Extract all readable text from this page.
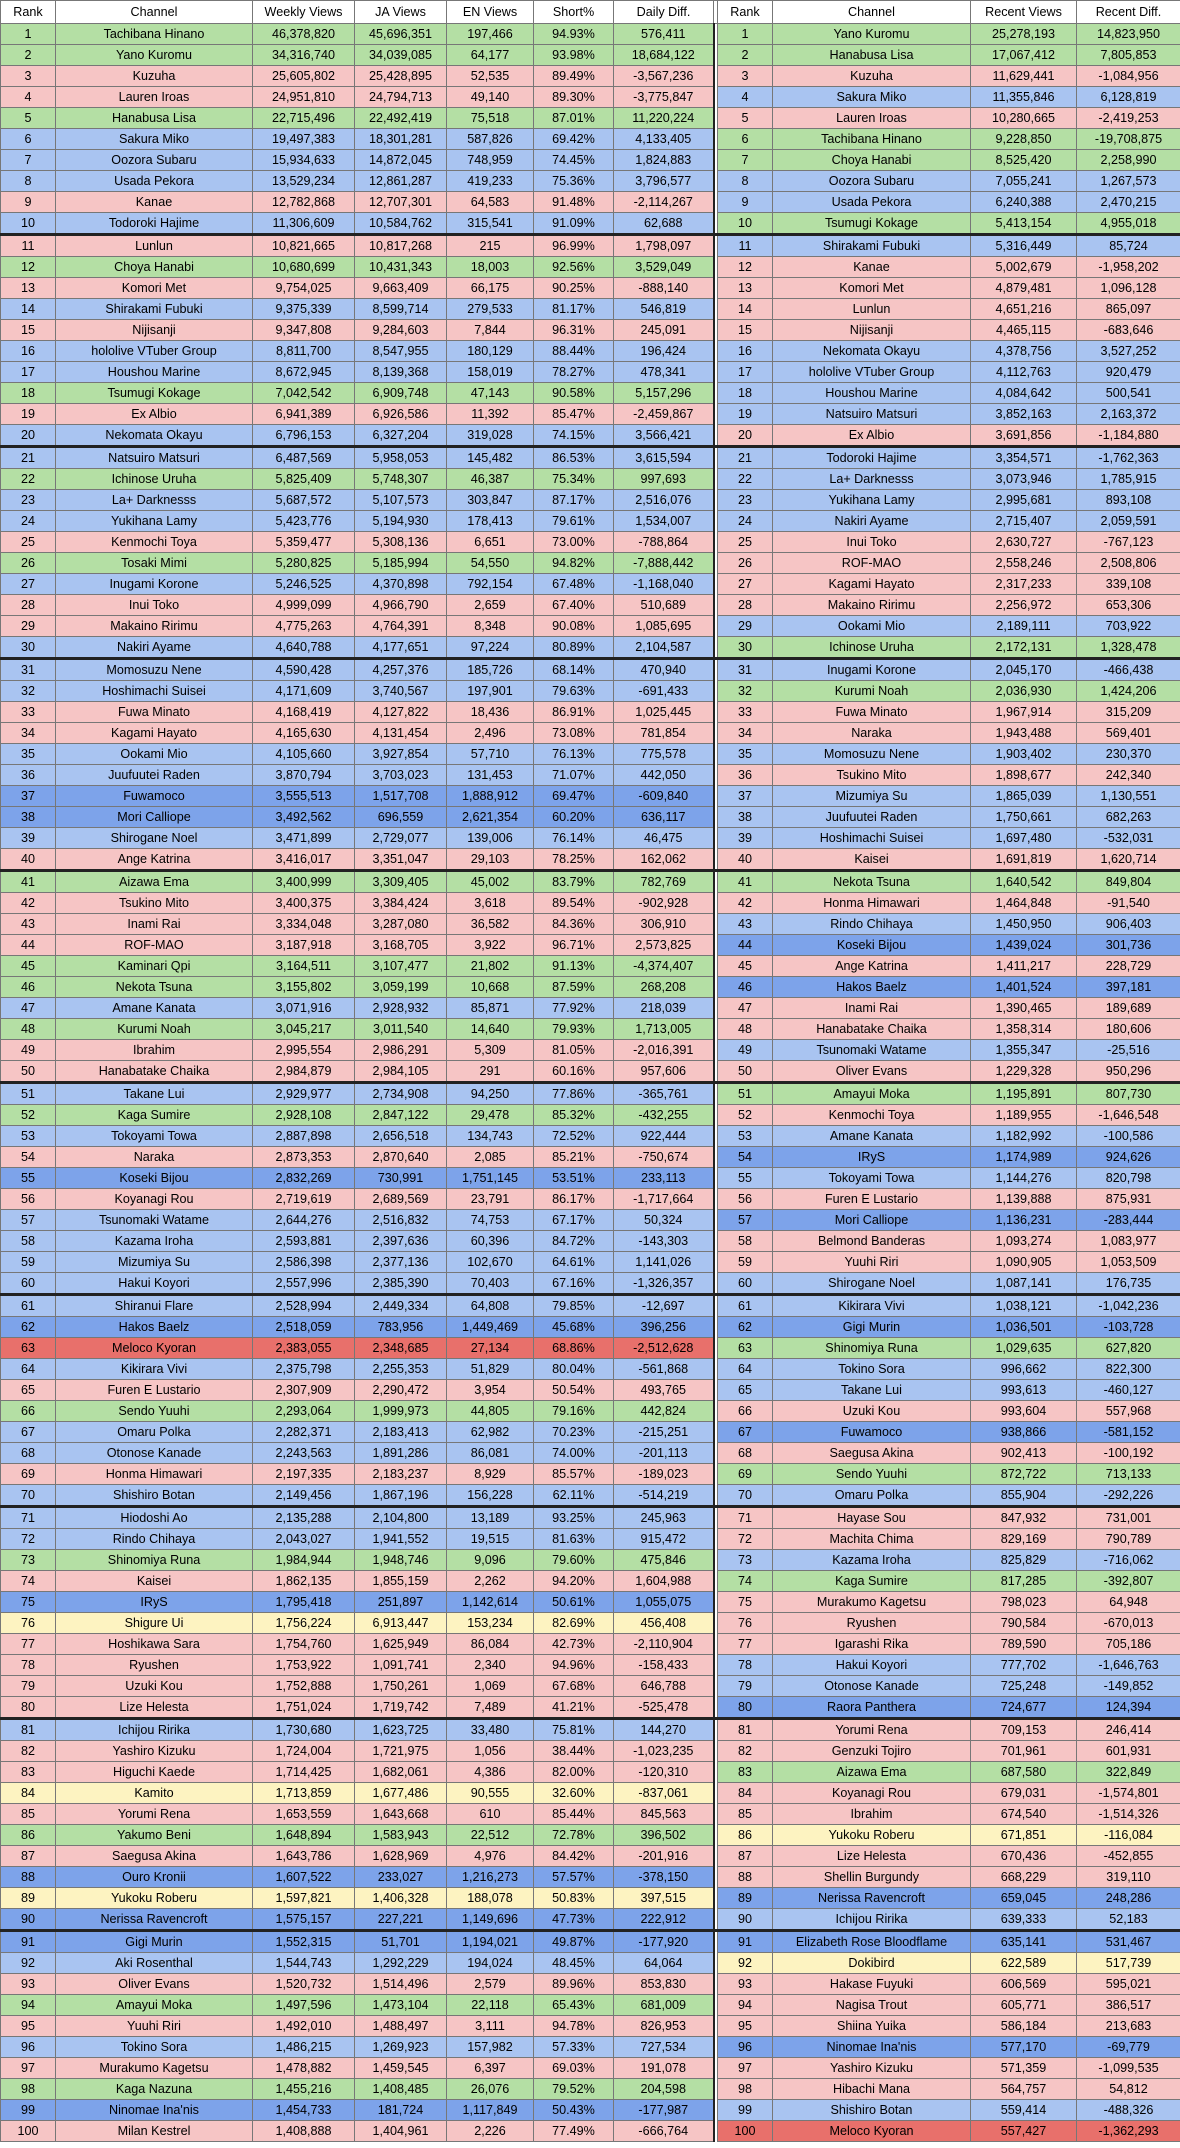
Rank	Channel	Weekly Views	JA Views	EN Views	Short%	Daily Diff.	
1	Tachibana Hinano	46,378,820	45,696,351	197,466	94.93%	576,411	
2	Yano Kuromu	34,316,740	34,039,085	64,177	93.98%	18,684,122	
3	Kuzuha	25,605,802	25,428,895	52,535	89.49%	-3,567,236	
4	Lauren Iroas	24,951,810	24,794,713	49,140	89.30%	-3,775,847	
5	Hanabusa Lisa	22,715,496	22,492,419	75,518	87.01%	11,220,224	
6	Sakura Miko	19,497,383	18,301,281	587,826	69.42%	4,133,405	
7	Oozora Subaru	15,934,633	14,872,045	748,959	74.45%	1,824,883	
8	Usada Pekora	13,529,234	12,861,287	419,233	75.36%	3,796,577	
9	Kanae	12,782,868	12,707,301	64,583	91.48%	-2,114,267	
10	Todoroki Hajime	11,306,609	10,584,762	315,541	91.09%	62,688	
11	Lunlun	10,821,665	10,817,268	215	96.99%	1,798,097	
12	Choya Hanabi	10,680,699	10,431,343	18,003	92.56%	3,529,049	
13	Komori Met	9,754,025	9,663,409	66,175	90.25%	-888,140	
14	Shirakami Fubuki	9,375,339	8,599,714	279,533	81.17%	546,819	
15	Nijisanji	9,347,808	9,284,603	7,844	96.31%	245,091	
16	hololive VTuber Group	8,811,700	8,547,955	180,129	88.44%	196,424	
17	Houshou Marine	8,672,945	8,139,368	158,019	78.27%	478,341	
18	Tsumugi Kokage	7,042,542	6,909,748	47,143	90.58%	5,157,296	
19	Ex Albio	6,941,389	6,926,586	11,392	85.47%	-2,459,867	
20	Nekomata Okayu	6,796,153	6,327,204	319,028	74.15%	3,566,421	
21	Natsuiro Matsuri	6,487,569	5,958,053	145,482	86.53%	3,615,594	
22	Ichinose Uruha	5,825,409	5,748,307	46,387	75.34%	997,693	
23	La+ Darknesss	5,687,572	5,107,573	303,847	87.17%	2,516,076	
24	Yukihana Lamy	5,423,776	5,194,930	178,413	79.61%	1,534,007	
25	Kenmochi Toya	5,359,477	5,308,136	6,651	73.00%	-788,864	
26	Tosaki Mimi	5,280,825	5,185,994	54,550	94.82%	-7,888,442	
27	Inugami Korone	5,246,525	4,370,898	792,154	67.48%	-1,168,040	
28	Inui Toko	4,999,099	4,966,790	2,659	67.40%	510,689	
29	Makaino Ririmu	4,775,263	4,764,391	8,348	90.08%	1,085,695	
30	Nakiri Ayame	4,640,788	4,177,651	97,224	80.89%	2,104,587	
31	Momosuzu Nene	4,590,428	4,257,376	185,726	68.14%	470,940	
32	Hoshimachi Suisei	4,171,609	3,740,567	197,901	79.63%	-691,433	
33	Fuwa Minato	4,168,419	4,127,822	18,436	86.91%	1,025,445	
34	Kagami Hayato	4,165,630	4,131,454	2,496	73.08%	781,854	
35	Ookami Mio	4,105,660	3,927,854	57,710	76.13%	775,578	
36	Juufuutei Raden	3,870,794	3,703,023	131,453	71.07%	442,050	
37	Fuwamoco	3,555,513	1,517,708	1,888,912	69.47%	-609,840	
38	Mori Calliope	3,492,562	696,559	2,621,354	60.20%	636,117	
39	Shirogane Noel	3,471,899	2,729,077	139,006	76.14%	46,475	
40	Ange Katrina	3,416,017	3,351,047	29,103	78.25%	162,062	
41	Aizawa Ema	3,400,999	3,309,405	45,002	83.79%	782,769	
42	Tsukino Mito	3,400,375	3,384,424	3,618	89.54%	-902,928	
43	Inami Rai	3,334,048	3,287,080	36,582	84.36%	306,910	
44	ROF-MAO	3,187,918	3,168,705	3,922	96.71%	2,573,825	
45	Kaminari Qpi	3,164,511	3,107,477	21,802	91.13%	-4,374,407	
46	Nekota Tsuna	3,155,802	3,059,199	10,668	87.59%	268,208	
47	Amane Kanata	3,071,916	2,928,932	85,871	77.92%	218,039	
48	Kurumi Noah	3,045,217	3,011,540	14,640	79.93%	1,713,005	
49	Ibrahim	2,995,554	2,986,291	5,309	81.05%	-2,016,391	
50	Hanabatake Chaika	2,984,879	2,984,105	291	60.16%	957,606	
51	Takane Lui	2,929,977	2,734,908	94,250	77.86%	-365,761	
52	Kaga Sumire	2,928,108	2,847,122	29,478	85.32%	-432,255	
53	Tokoyami Towa	2,887,898	2,656,518	134,743	72.52%	922,444	
54	Naraka	2,873,353	2,870,640	2,085	85.21%	-750,674	
55	Koseki Bijou	2,832,269	730,991	1,751,145	53.51%	233,113	
56	Koyanagi Rou	2,719,619	2,689,569	23,791	86.17%	-1,717,664	
57	Tsunomaki Watame	2,644,276	2,516,832	74,753	67.17%	50,324	
58	Kazama Iroha	2,593,881	2,397,636	60,396	84.72%	-143,303	
59	Mizumiya Su	2,586,398	2,377,136	102,670	64.61%	1,141,026	
60	Hakui Koyori	2,557,996	2,385,390	70,403	67.16%	-1,326,357	
61	Shiranui Flare	2,528,994	2,449,334	64,808	79.85%	-12,697	
62	Hakos Baelz	2,518,059	783,956	1,449,469	45.68%	396,256	
63	Meloco Kyoran	2,383,055	2,348,685	27,134	68.86%	-2,512,628	
64	Kikirara Vivi	2,375,798	2,255,353	51,829	80.04%	-561,868	
65	Furen E Lustario	2,307,909	2,290,472	3,954	50.54%	493,765	
66	Sendo Yuuhi	2,293,064	1,999,973	44,805	79.16%	442,824	
67	Omaru Polka	2,282,371	2,183,413	62,982	70.23%	-215,251	
68	Otonose Kanade	2,243,563	1,891,286	86,081	74.00%	-201,113	
69	Honma Himawari	2,197,335	2,183,237	8,929	85.57%	-189,023	
70	Shishiro Botan	2,149,456	1,867,196	156,228	62.11%	-514,219	
71	Hiodoshi Ao	2,135,288	2,104,800	13,189	93.25%	245,963	
72	Rindo Chihaya	2,043,027	1,941,552	19,515	81.63%	915,472	
73	Shinomiya Runa	1,984,944	1,948,746	9,096	79.60%	475,846	
74	Kaisei	1,862,135	1,855,159	2,262	94.20%	1,604,988	
75	IRyS	1,795,418	251,897	1,142,614	50.61%	1,055,075	
76	Shigure Ui	1,756,224	6,913,447	153,234	82.69%	456,408	
77	Hoshikawa Sara	1,754,760	1,625,949	86,084	42.73%	-2,110,904	
78	Ryushen	1,753,922	1,091,741	2,340	94.96%	-158,433	
79	Uzuki Kou	1,752,888	1,750,261	1,069	67.68%	646,788	
80	Lize Helesta	1,751,024	1,719,742	7,489	41.21%	-525,478	
81	Ichijou Ririka	1,730,680	1,623,725	33,480	75.81%	144,270	
82	Yashiro Kizuku	1,724,004	1,721,975	1,056	38.44%	-1,023,235	
83	Higuchi Kaede	1,714,425	1,682,061	4,386	82.00%	-120,310	
84	Kamito	1,713,859	1,677,486	90,555	32.60%	-837,061	
85	Yorumi Rena	1,653,559	1,643,668	610	85.44%	845,563	
86	Yakumo Beni	1,648,894	1,583,943	22,512	72.78%	396,502	
87	Saegusa Akina	1,643,786	1,628,969	4,976	84.42%	-201,916	
88	Ouro Kronii	1,607,522	233,027	1,216,273	57.57%	-378,150	
89	Yukoku Roberu	1,597,821	1,406,328	188,078	50.83%	397,515	
90	Nerissa Ravencroft	1,575,157	227,221	1,149,696	47.73%	222,912	
91	Gigi Murin	1,552,315	51,701	1,194,021	49.87%	-177,920	
92	Aki Rosenthal	1,544,743	1,292,229	194,024	48.45%	64,064	
93	Oliver Evans	1,520,732	1,514,496	2,579	89.96%	853,830	
94	Amayui Moka	1,497,596	1,473,104	22,118	65.43%	681,009	
95	Yuuhi Riri	1,492,010	1,488,497	3,111	94.78%	826,953	
96	Tokino Sora	1,486,215	1,269,923	157,982	57.33%	727,534	
97	Murakumo Kagetsu	1,478,882	1,459,545	6,397	69.03%	191,078	
98	Kaga Nazuna	1,455,216	1,408,485	26,076	79.52%	204,598	
99	Ninomae Ina'nis	1,454,733	181,724	1,117,849	50.43%	-177,987	
100	Milan Kestrel	1,408,888	1,404,961	2,226	77.49%	-666,764	
Rank	Channel	Recent Views	Recent Diff.
1	Yano Kuromu	25,278,193	14,823,950
2	Hanabusa Lisa	17,067,412	7,805,853
3	Kuzuha	11,629,441	-1,084,956
4	Sakura Miko	11,355,846	6,128,819
5	Lauren Iroas	10,280,665	-2,419,253
6	Tachibana Hinano	9,228,850	-19,708,875
7	Choya Hanabi	8,525,420	2,258,990
8	Oozora Subaru	7,055,241	1,267,573
9	Usada Pekora	6,240,388	2,470,215
10	Tsumugi Kokage	5,413,154	4,955,018
11	Shirakami Fubuki	5,316,449	85,724
12	Kanae	5,002,679	-1,958,202
13	Komori Met	4,879,481	1,096,128
14	Lunlun	4,651,216	865,097
15	Nijisanji	4,465,115	-683,646
16	Nekomata Okayu	4,378,756	3,527,252
17	hololive VTuber Group	4,112,763	920,479
18	Houshou Marine	4,084,642	500,541
19	Natsuiro Matsuri	3,852,163	2,163,372
20	Ex Albio	3,691,856	-1,184,880
21	Todoroki Hajime	3,354,571	-1,762,363
22	La+ Darknesss	3,073,946	1,785,915
23	Yukihana Lamy	2,995,681	893,108
24	Nakiri Ayame	2,715,407	2,059,591
25	Inui Toko	2,630,727	-767,123
26	ROF-MAO	2,558,246	2,508,806
27	Kagami Hayato	2,317,233	339,108
28	Makaino Ririmu	2,256,972	653,306
29	Ookami Mio	2,189,111	703,922
30	Ichinose Uruha	2,172,131	1,328,478
31	Inugami Korone	2,045,170	-466,438
32	Kurumi Noah	2,036,930	1,424,206
33	Fuwa Minato	1,967,914	315,209
34	Naraka	1,943,488	569,401
35	Momosuzu Nene	1,903,402	230,370
36	Tsukino Mito	1,898,677	242,340
37	Mizumiya Su	1,865,039	1,130,551
38	Juufuutei Raden	1,750,661	682,263
39	Hoshimachi Suisei	1,697,480	-532,031
40	Kaisei	1,691,819	1,620,714
41	Nekota Tsuna	1,640,542	849,804
42	Honma Himawari	1,464,848	-91,540
43	Rindo Chihaya	1,450,950	906,403
44	Koseki Bijou	1,439,024	301,736
45	Ange Katrina	1,411,217	228,729
46	Hakos Baelz	1,401,524	397,181
47	Inami Rai	1,390,465	189,689
48	Hanabatake Chaika	1,358,314	180,606
49	Tsunomaki Watame	1,355,347	-25,516
50	Oliver Evans	1,229,328	950,296
51	Amayui Moka	1,195,891	807,730
52	Kenmochi Toya	1,189,955	-1,646,548
53	Amane Kanata	1,182,992	-100,586
54	IRyS	1,174,989	924,626
55	Tokoyami Towa	1,144,276	820,798
56	Furen E Lustario	1,139,888	875,931
57	Mori Calliope	1,136,231	-283,444
58	Belmond Banderas	1,093,274	1,083,977
59	Yuuhi Riri	1,090,905	1,053,509
60	Shirogane Noel	1,087,141	176,735
61	Kikirara Vivi	1,038,121	-1,042,236
62	Gigi Murin	1,036,501	-103,728
63	Shinomiya Runa	1,029,635	627,820
64	Tokino Sora	996,662	822,300
65	Takane Lui	993,613	-460,127
66	Uzuki Kou	993,604	557,968
67	Fuwamoco	938,866	-581,152
68	Saegusa Akina	902,413	-100,192
69	Sendo Yuuhi	872,722	713,133
70	Omaru Polka	855,904	-292,226
71	Hayase Sou	847,932	731,001
72	Machita Chima	829,169	790,789
73	Kazama Iroha	825,829	-716,062
74	Kaga Sumire	817,285	-392,807
75	Murakumo Kagetsu	798,023	64,948
76	Ryushen	790,584	-670,013
77	Igarashi Rika	789,590	705,186
78	Hakui Koyori	777,702	-1,646,763
79	Otonose Kanade	725,248	-149,852
80	Raora Panthera	724,677	124,394
81	Yorumi Rena	709,153	246,414
82	Genzuki Tojiro	701,961	601,931
83	Aizawa Ema	687,580	322,849
84	Koyanagi Rou	679,031	-1,574,801
85	Ibrahim	674,540	-1,514,326
86	Yukoku Roberu	671,851	-116,084
87	Lize Helesta	670,436	-452,855
88	Shellin Burgundy	668,229	319,110
89	Nerissa Ravencroft	659,045	248,286
90	Ichijou Ririka	639,333	52,183
91	Elizabeth Rose Bloodflame	635,141	531,467
92	Dokibird	622,589	517,739
93	Hakase Fuyuki	606,569	595,021
94	Nagisa Trout	605,771	386,517
95	Shiina Yuika	586,184	213,683
96	Ninomae Ina'nis	577,170	-69,779
97	Yashiro Kizuku	571,359	-1,099,535
98	Hibachi Mana	564,757	54,812
99	Shishiro Botan	559,414	-488,326
100	Meloco Kyoran	557,427	-1,362,293
